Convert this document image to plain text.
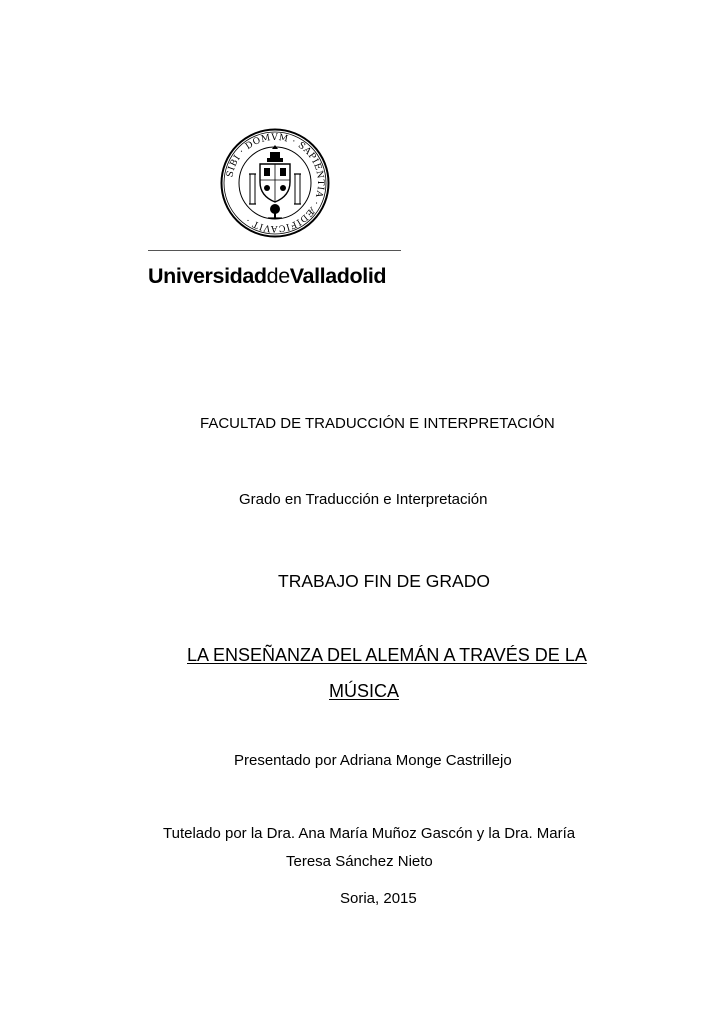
SIBI · DOMVM · SAPIENTIA · ÆDIFICAVIT ·
UniversidaddeValladolid
FACULTAD DE TRADUCCIÓN E INTERPRETACIÓN
Grado en Traducción e Interpretación
TRABAJO FIN DE GRADO
LA ENSEÑANZA DEL ALEMÁN A TRAVÉS DE LA
MÚSICA
Presentado por Adriana Monge Castrillejo
Tutelado por la Dra. Ana María Muñoz Gascón y la Dra. María
Teresa Sánchez Nieto
Soria, 2015
